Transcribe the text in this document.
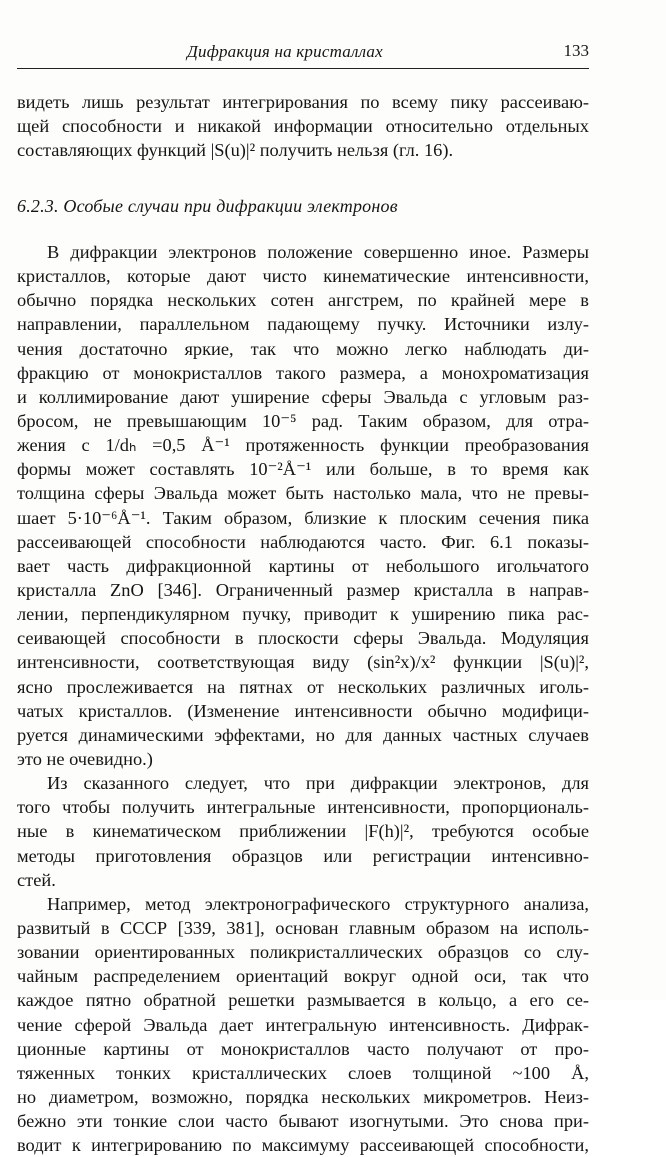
Дифракция на кристаллах	133
видеть лишь результат интегрирования по всему пику рассеиваю-
щей способности и никакой информации относительно отдельных
составляющих функций |S(u)|² получить нельзя (гл. 16).
6.2.3. Особые случаи при дифракции электронов
В дифракции электронов положение совершенно иное. Размеры
кристаллов, которые дают чисто кинематические интенсивности,
обычно порядка нескольких сотен ангстрем, по крайней мере в
направлении, параллельном падающему пучку. Источники излу-
чения достаточно яркие, так что можно легко наблюдать ди-
фракцию от монокристаллов такого размера, а монохроматизация
и коллимирование дают уширение сферы Эвальда с угловым раз-
бросом, не превышающим 10⁻⁵ рад. Таким образом, для отра-
жения с 1/dₕ =0,5 Å⁻¹ протяженность функции преобразования
формы может составлять 10⁻²Å⁻¹ или больше, в то время как
толщина сферы Эвальда может быть настолько мала, что не превы-
шает 5·10⁻⁶Å⁻¹. Таким образом, близкие к плоским сечения пика
рассеивающей способности наблюдаются часто. Фиг. 6.1 показы-
вает часть дифракционной картины от небольшого игольчатого
кристалла ZnO [346]. Ограниченный размер кристалла в направ-
лении, перпендикулярном пучку, приводит к уширению пика рас-
сеивающей способности в плоскости сферы Эвальда. Модуляция
интенсивности, соответствующая виду (sin²x)/x² функции |S(u)|²,
ясно прослеживается на пятнах от нескольких различных иголь-
чатых кристаллов. (Изменение интенсивности обычно модифици-
руется динамическими эффектами, но для данных частных случаев
это не очевидно.)
Из сказанного следует, что при дифракции электронов, для
того чтобы получить интегральные интенсивности, пропорциональ-
ные в кинематическом приближении |F(h)|², требуются особые
методы приготовления образцов или регистрации интенсивно-
стей.
Например, метод электронографического структурного анализа,
развитый в СССР [339, 381], основан главным образом на исполь-
зовании ориентированных поликристаллических образцов со слу-
чайным распределением ориентаций вокруг одной оси, так что
каждое пятно обратной решетки размывается в кольцо, а его се-
чение сферой Эвальда дает интегральную интенсивность. Дифрак-
ционные картины от монокристаллов часто получают от про-
тяженных тонких кристаллических слоев толщиной ~100 Å,
но диаметром, возможно, порядка нескольких микрометров. Неиз-
бежно эти тонкие слои часто бывают изогнутыми. Это снова при-
водит к интегрированию по максимуму рассеивающей способности,
